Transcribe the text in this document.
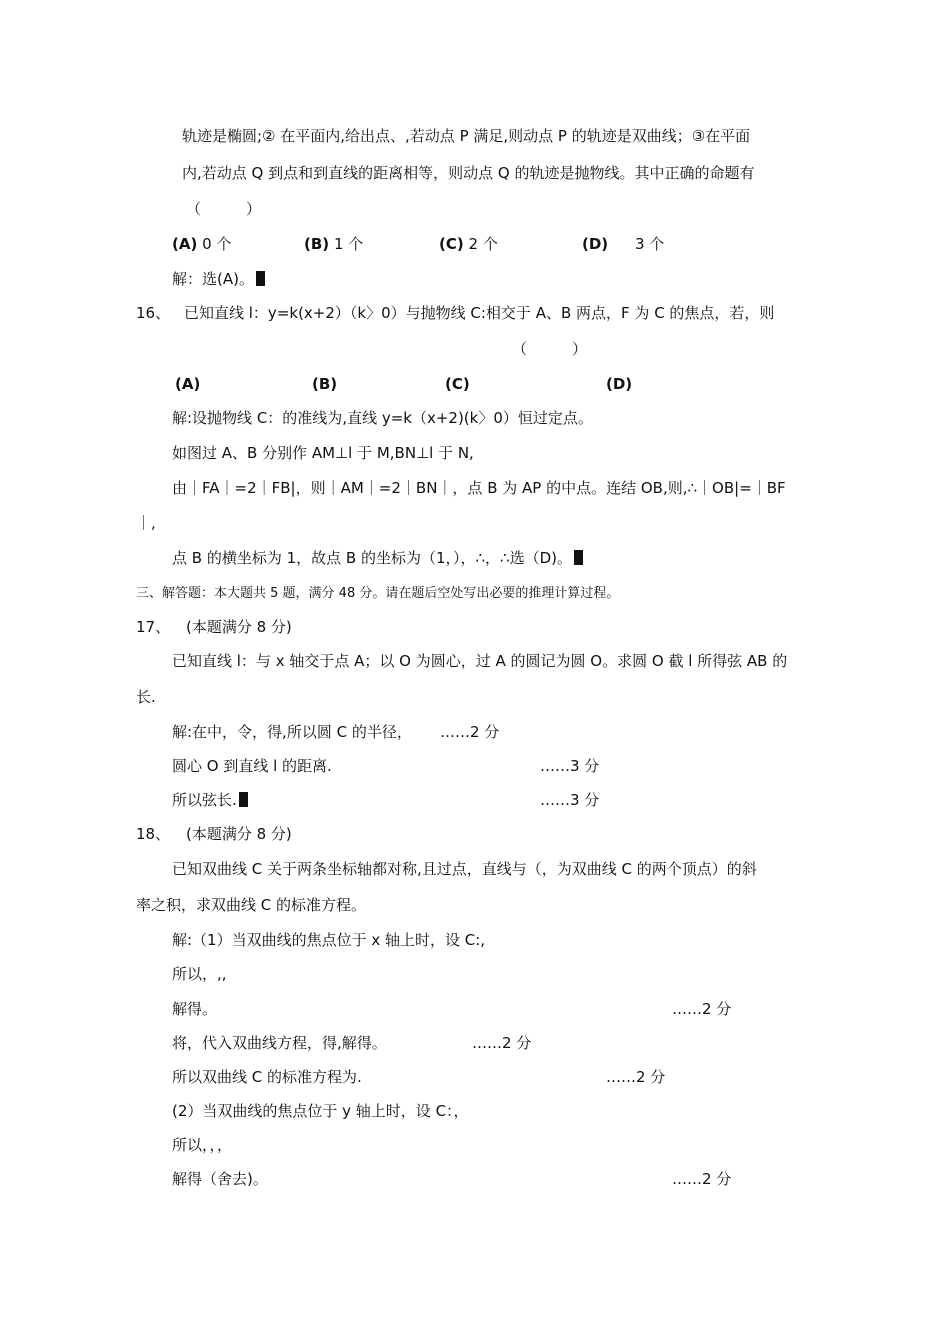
轨迹是椭圆;② 在平面内,给出点、,若动点 P 满足,则动点 P 的轨迹是双曲线；③在平面
内,若动点 Q 到点和到直线的距离相等，则动点 Q 的轨迹是抛物线。其中正确的命题有
（　　　）
(A) 0 个	(B) 1 个	(C) 2 个	(D) 3 个
解：选(A)。
16、 已知直线 l：y=k(x+2）（k〉0）与抛物线 C:相交于 A、B 两点，F 为 C 的焦点，若，则
（　　　）
(A)	(B)	(C)	(D)
解:设抛物线 C：的准线为,直线 y=k（x+2)(k〉0）恒过定点。
如图过 A、B 分别作 AM⊥l 于 M,BN⊥l 于 N,
由｜FA｜=2｜FB|，则｜AM｜=2｜BN｜，点 B 为 AP 的中点。连结 OB,则,∴｜OB|=｜BF
｜,
点 B 的横坐标为 1，故点 B 的坐标为（1，），∴，∴选（D)。
三、解答题：本大题共 5 题，满分 48 分。请在题后空处写出必要的推理计算过程。
17、 (本题满分 8 分)
已知直线 l：与 x 轴交于点 A；以 O 为圆心，过 A 的圆记为圆 O。求圆 O 截 l 所得弦 AB 的
长.
解:在中，令，得,所以圆 C 的半径， ……2 分
圆心 O 到直线 l 的距离.	……3 分
所以弦长.	……3 分
18、 (本题满分 8 分)
已知双曲线 C 关于两条坐标轴都对称,且过点，直线与（，为双曲线 C 的两个顶点）的斜
率之积，求双曲线 C 的标准方程。
解:（1）当双曲线的焦点位于 x 轴上时，设 C:,
所以，,,
解得。	……2 分
将，代入双曲线方程，得,解得。	……2 分
所以双曲线 C 的标准方程为.	……2 分
(2）当双曲线的焦点位于 y 轴上时，设 C：，
所以，，，
解得（舍去)。	……2 分
